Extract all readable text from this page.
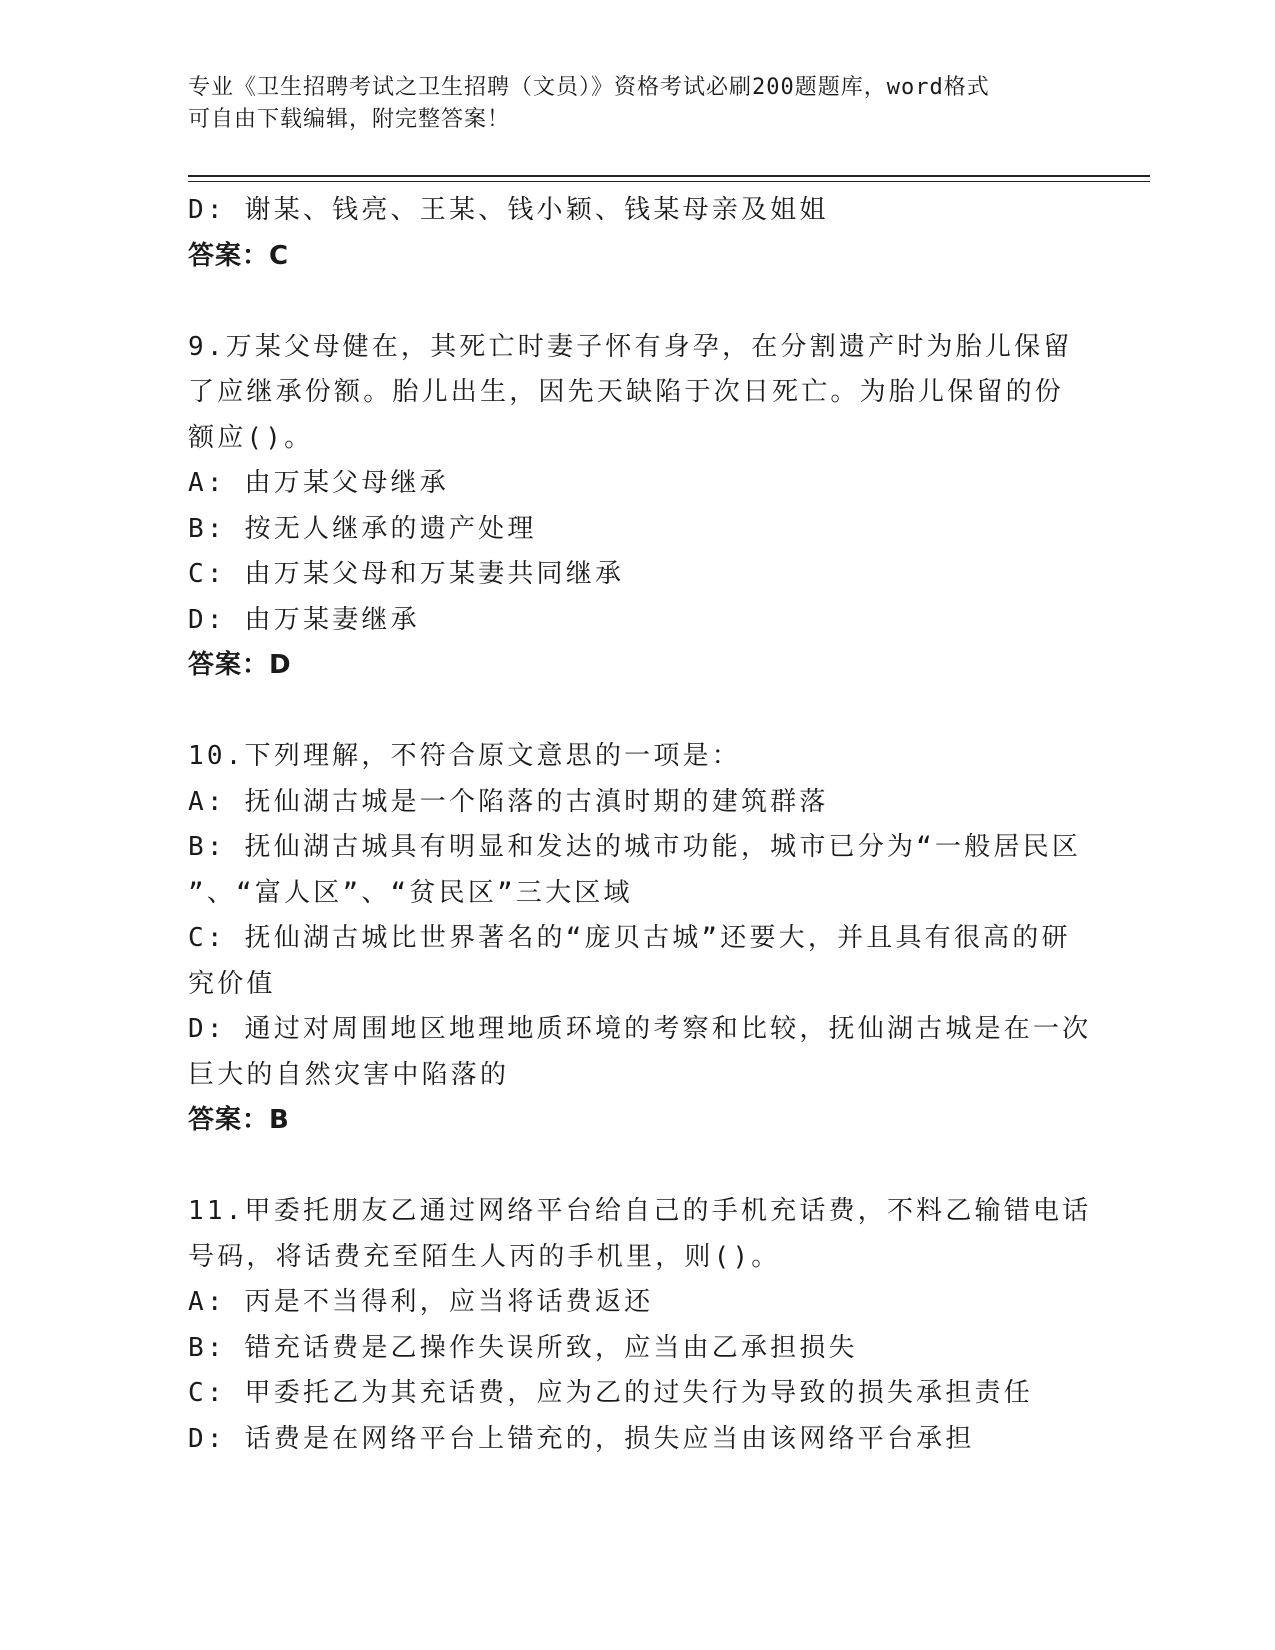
专业《卫生招聘考试之卫生招聘（文员）》资格考试必刷200题题库，word格式
可自由下载编辑，附完整答案！
D: 谢某、钱亮、王某、钱小颖、钱某母亲及姐姐
答案：C
9.万某父母健在，其死亡时妻子怀有身孕，在分割遗产时为胎儿保留
了应继承份额。胎儿出生，因先天缺陷于次日死亡。为胎儿保留的份
额应()。
A: 由万某父母继承
B: 按无人继承的遗产处理
C: 由万某父母和万某妻共同继承
D: 由万某妻继承
答案：D
10.下列理解，不符合原文意思的一项是：
A: 抚仙湖古城是一个陷落的古滇时期的建筑群落
B: 抚仙湖古城具有明显和发达的城市功能，城市已分为“一般居民区
”、“富人区”、“贫民区”三大区域
C: 抚仙湖古城比世界著名的“庞贝古城”还要大，并且具有很高的研
究价值
D: 通过对周围地区地理地质环境的考察和比较，抚仙湖古城是在一次
巨大的自然灾害中陷落的
答案：B
11.甲委托朋友乙通过网络平台给自己的手机充话费，不料乙输错电话
号码，将话费充至陌生人丙的手机里，则()。
A: 丙是不当得利，应当将话费返还
B: 错充话费是乙操作失误所致，应当由乙承担损失
C: 甲委托乙为其充话费，应为乙的过失行为导致的损失承担责任
D: 话费是在网络平台上错充的，损失应当由该网络平台承担
